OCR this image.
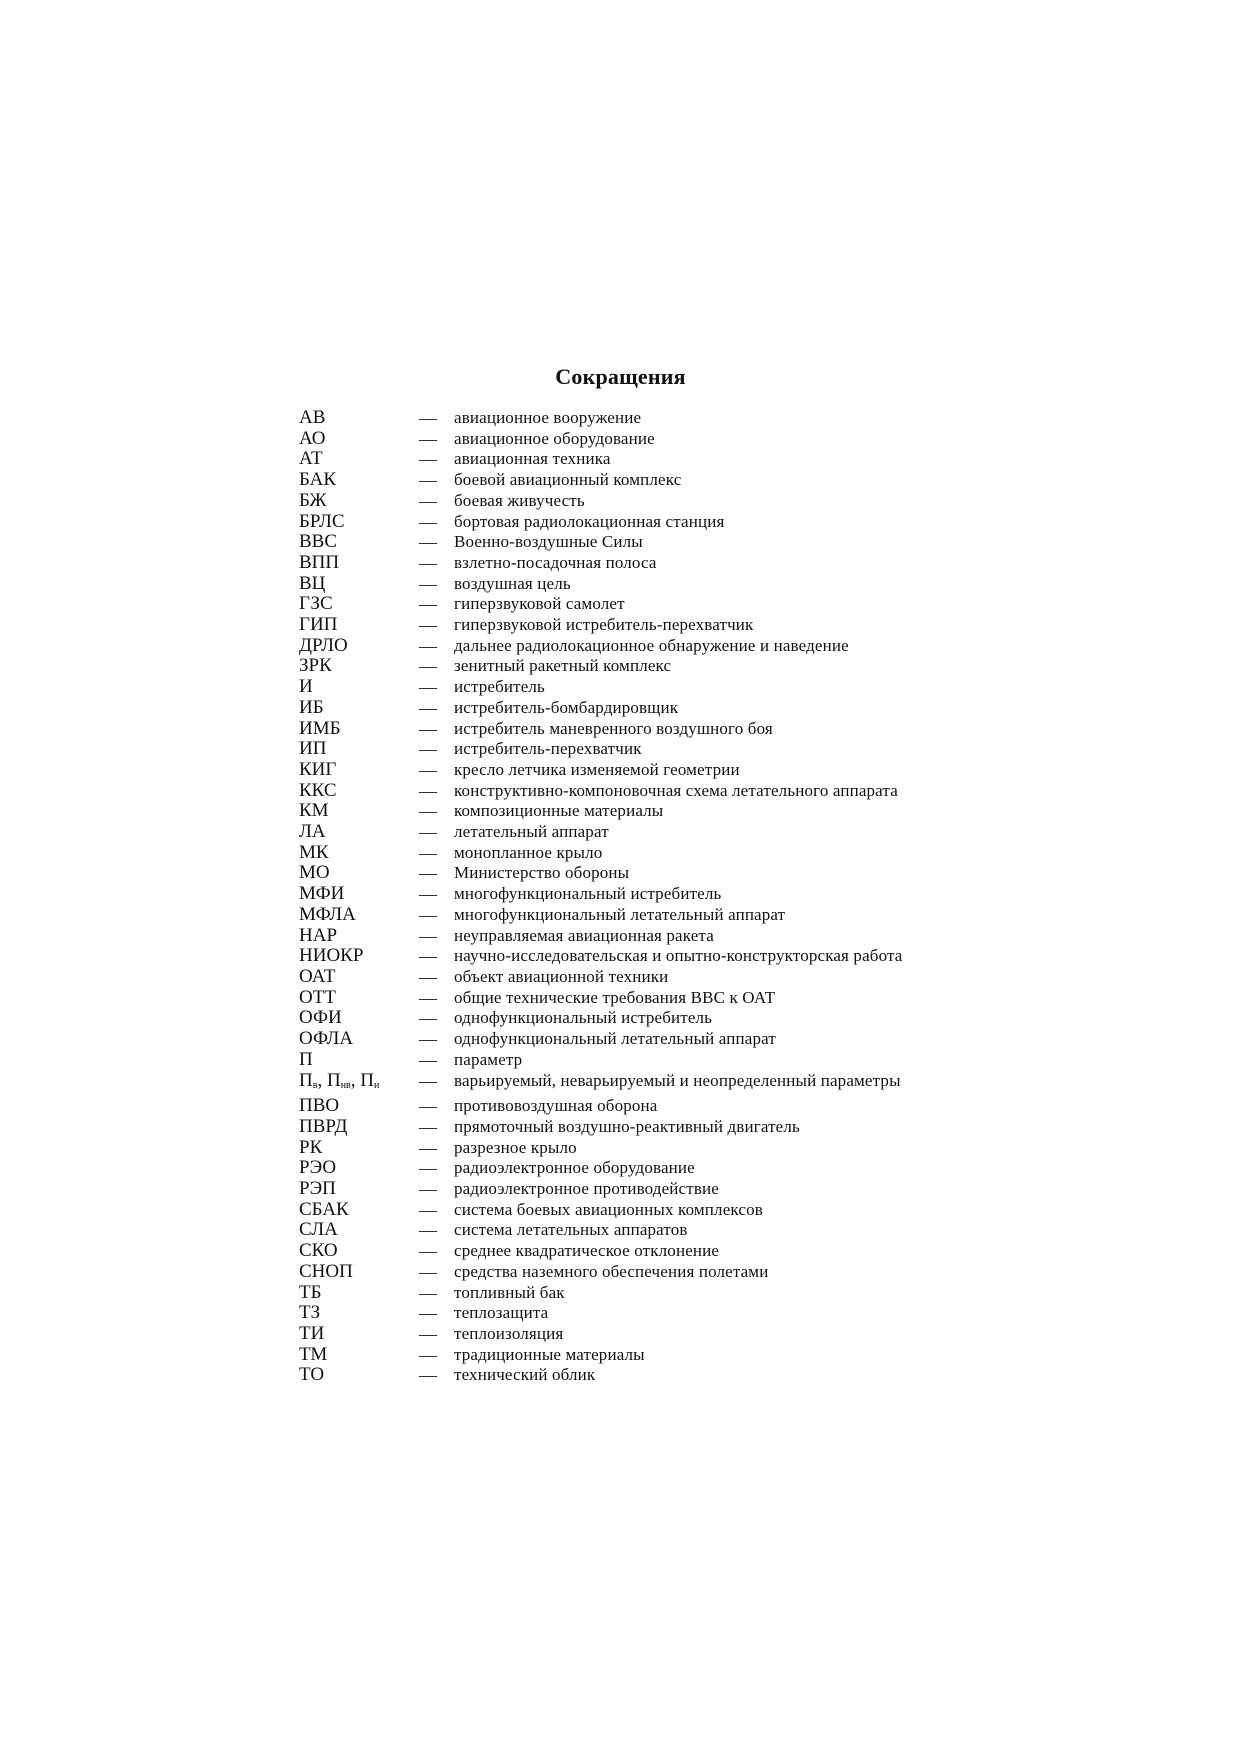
Сокращения
АВ	—	авиационное вооружение
АО	—	авиационное оборудование
АТ	—	авиационная техника
БАК	—	боевой авиационный комплекс
БЖ	—	боевая живучесть
БРЛС	—	бортовая радиолокационная станция
ВВС	—	Военно-воздушные Силы
ВПП	—	взлетно-посадочная полоса
ВЦ	—	воздушная цель
ГЗС	—	гиперзвуковой самолет
ГИП	—	гиперзвуковой истребитель-перехватчик
ДРЛО	—	дальнее радиолокационное обнаружение и наведение
ЗРК	—	зенитный ракетный комплекс
И	—	истребитель
ИБ	—	истребитель-бомбардировщик
ИМБ	—	истребитель маневренного воздушного боя
ИП	—	истребитель-перехватчик
КИГ	—	кресло летчика изменяемой геометрии
ККС	—	конструктивно-компоновочная схема летательного аппарата
КМ	—	композиционные материалы
ЛА	—	летательный аппарат
МК	—	монопланное крыло
МО	—	Министерство обороны
МФИ	—	многофункциональный истребитель
МФЛА	—	многофункциональный летательный аппарат
НАР	—	неуправляемая авиационная ракета
НИОКР	—	научно-исследовательская и опытно-конструкторская работа
ОАТ	—	объект авиационной техники
ОТТ	—	общие технические требования ВВС к ОАТ
ОФИ	—	однофункциональный истребитель
ОФЛА	—	однофункциональный летательный аппарат
П	—	параметр
$П_в$, $П_{нв}$, $П_н$	—	варьируемый, неварьируемый и неопределенный параметры
ПВО	—	противовоздушная оборона
ПВРД	—	прямоточный воздушно-реактивный двигатель
РК	—	разрезное крыло
РЭО	—	радиоэлектронное оборудование
РЭП	—	радиоэлектронное противодействие
СБАК	—	система боевых авиационных комплексов
СЛА	—	система летательных аппаратов
СКО	—	среднее квадратическое отклонение
СНОП	—	средства наземного обеспечения полетами
ТБ	—	топливный бак
ТЗ	—	теплозащита
ТИ	—	теплоизоляция
ТМ	—	традиционные материалы
ТО	—	технический облик
